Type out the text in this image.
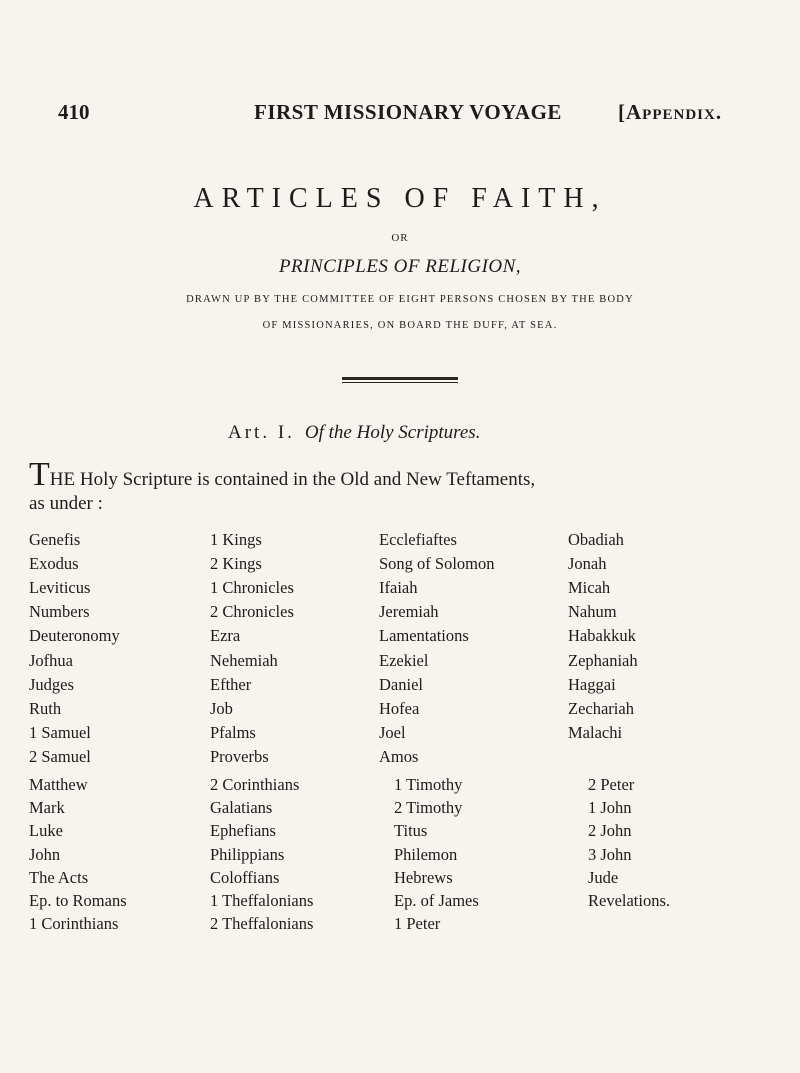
410	FIRST MISSIONARY VOYAGE	[Appendix.
ARTICLES OF FAITH,
OR
PRINCIPLES OF RELIGION,
DRAWN UP BY THE COMMITTEE OF EIGHT PERSONS CHOSEN BY THE BODY
OF MISSIONARIES, ON BOARD THE DUFF, AT SEA.
Art. I. Of the Holy Scriptures.
THE Holy Scripture is contained in the Old and New Teftaments,
as under :
Genefis
Exodus
Leviticus
Numbers
Deuteronomy
Jofhua
Judges
Ruth
1 Samuel
2 Samuel
1 Kings
2 Kings
1 Chronicles
2 Chronicles
Ezra
Nehemiah
Efther
Job
Pfalms
Proverbs
Ecclefiaftes
Song of Solomon
Ifaiah
Jeremiah
Lamentations
Ezekiel
Daniel
Hofea
Joel
Amos
Obadiah
Jonah
Micah
Nahum
Habakkuk
Zephaniah
Haggai
Zechariah
Malachi
Matthew
Mark
Luke
John
The Acts
Ep. to Romans
1 Corinthians
2 Corinthians
Galatians
Ephefians
Philippians
Coloffians
1 Theffalonians
2 Theffalonians
1 Timothy
2 Timothy
Titus
Philemon
Hebrews
Ep. of James
1 Peter
2 Peter
1 John
2 John
3 John
Jude
Revelations.
